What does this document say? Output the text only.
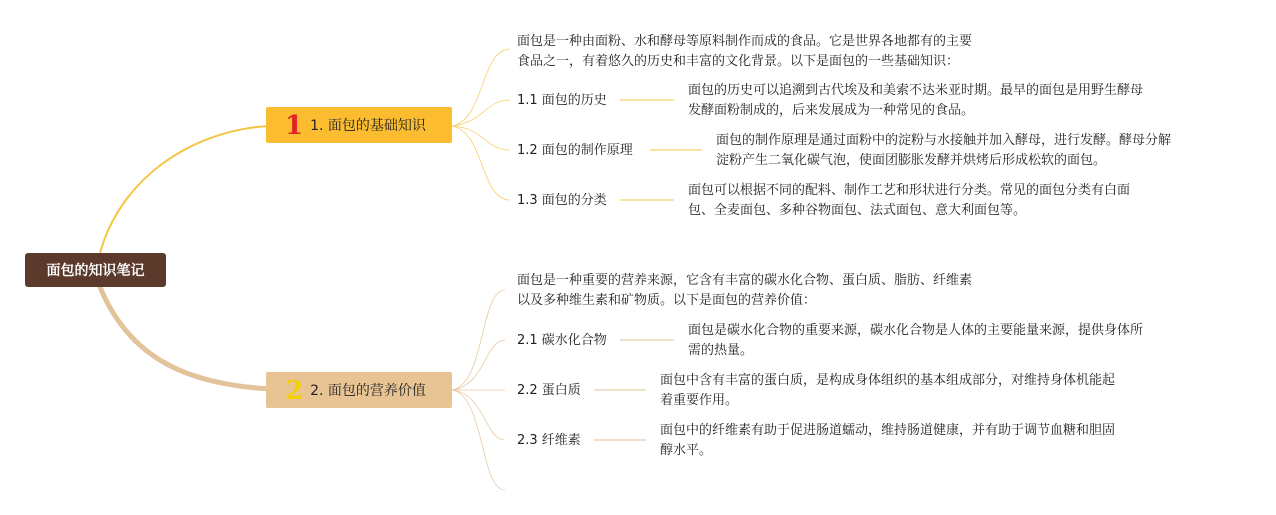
面包的知识笔记
1 1. 面包的基础知识
面包是一种由面粉、水和酵母等原料制作而成的食品。它是世界各地都有的主要
食品之一，有着悠久的历史和丰富的文化背景。以下是面包的一些基础知识：
1.1 面包的历史
面包的历史可以追溯到古代埃及和美索不达米亚时期。最早的面包是用野生酵母
发酵面粉制成的，后来发展成为一种常见的食品。
1.2 面包的制作原理
面包的制作原理是通过面粉中的淀粉与水接触并加入酵母，进行发酵。酵母分解
淀粉产生二氧化碳气泡，使面团膨胀发酵并烘烤后形成松软的面包。
1.3 面包的分类
面包可以根据不同的配料、制作工艺和形状进行分类。常见的面包分类有白面
包、全麦面包、多种谷物面包、法式面包、意大利面包等。
2 2. 面包的营养价值
面包是一种重要的营养来源，它含有丰富的碳水化合物、蛋白质、脂肪、纤维素
以及多种维生素和矿物质。以下是面包的营养价值：
2.1 碳水化合物
面包是碳水化合物的重要来源，碳水化合物是人体的主要能量来源，提供身体所
需的热量。
2.2 蛋白质
面包中含有丰富的蛋白质，是构成身体组织的基本组成部分，对维持身体机能起
着重要作用。
2.3 纤维素
面包中的纤维素有助于促进肠道蠕动，维持肠道健康，并有助于调节血糖和胆固
醇水平。
